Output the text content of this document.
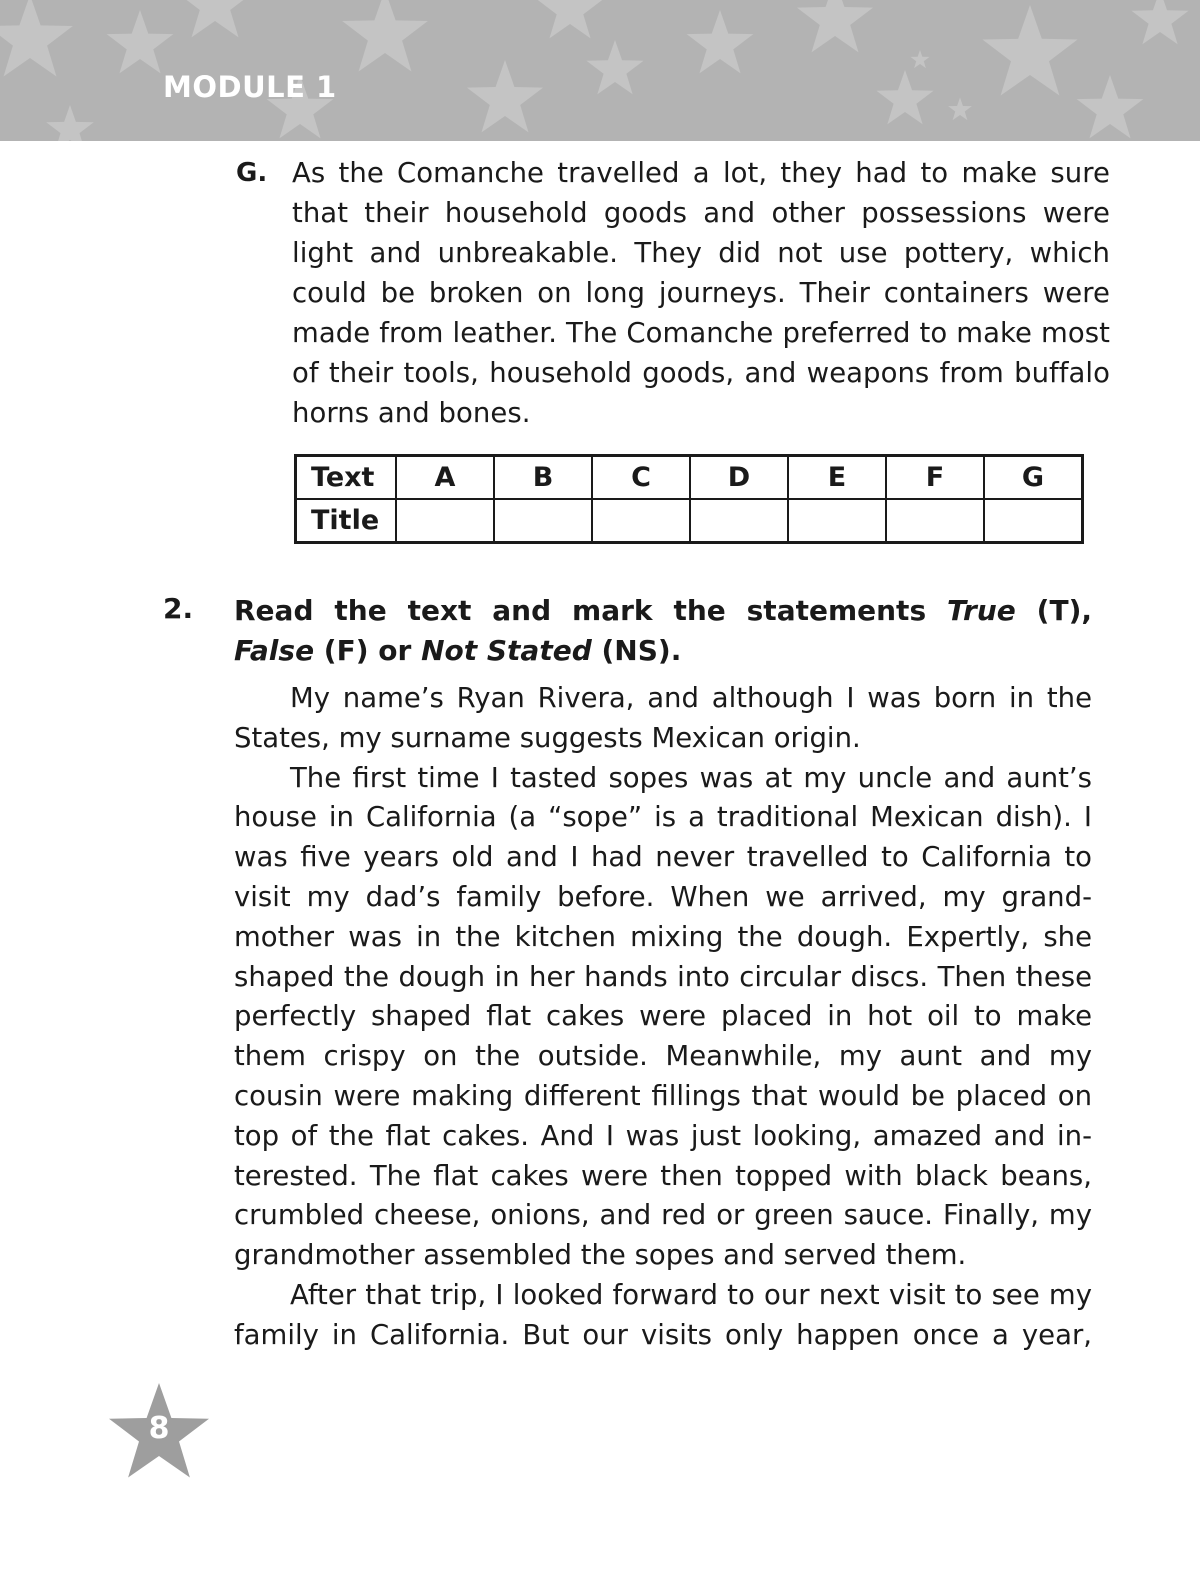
MODULE 1
G. As the Comanche travelled a lot, they had to make sure that their household goods and other possessions were light and unbreakable. They did not use pottery, which could be broken on long journeys. Their containers were made from leather. The Comanche preferred to make most of their tools, household goods, and weapons from buffalo horns and bones.
Text	A	B	C	D	E	F	G
Title							
2. Read the text and mark the statements True (T),
False (F) or Not Stated (NS).

My name’s Ryan Rivera, and although I was born in the States, my surname suggests Mexican origin.

The first time I tasted sopes was at my uncle and aunt’s house in California (a “sope” is a traditional Mexican dish). I was five years old and I had never travelled to California to visit my dad’s family before. When we arrived, my grandmother was in the kitchen mixing the dough. Expertly, she shaped the dough in her hands into circular discs. Then these perfectly shaped flat cakes were placed in hot oil to make them crispy on the outside. Meanwhile, my aunt and my cousin were making different fillings that would be placed on top of the flat cakes. And I was just looking, amazed and interested. The flat cakes were then topped with black beans, crumbled cheese, onions, and red or green sauce. Finally, my grandmother assembled the sopes and served them.

After that trip, I looked forward to our next visit to see my family in California. But our visits only happen once a year,

8
